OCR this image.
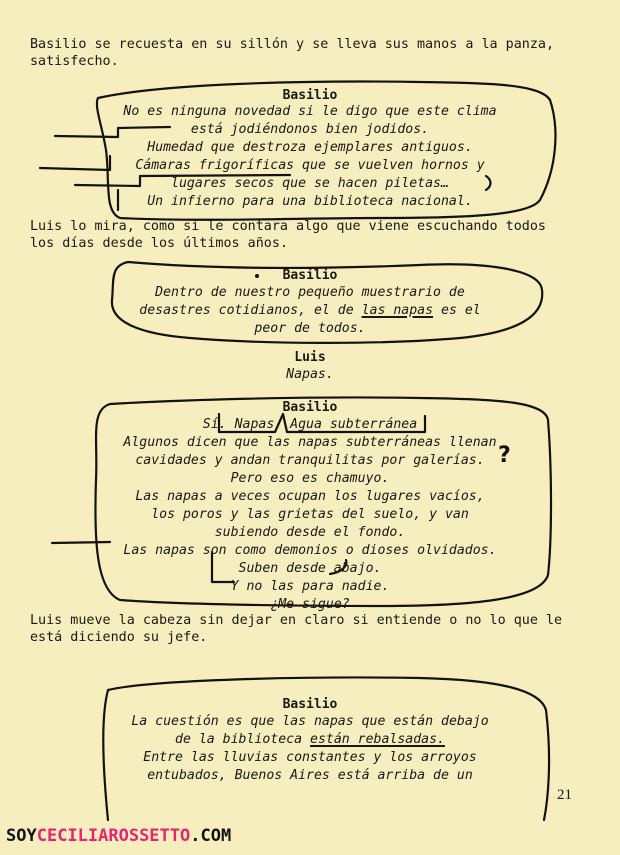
?

Basilio se recuesta en su sillón y se lleva sus manos a la panza, satisfecho.

Basilio

No es ninguna novedad si le digo que este clima
está jodiéndonos bien jodidos.
Humedad que destroza ejemplares antiguos.
Cámaras frigoríficas que se vuelven hornos y
lugares secos que se hacen piletas…
Un infierno para una biblioteca nacional.

Luis lo mira, como si le contara algo que viene escuchando todos los días desde los últimos años.

Basilio

Dentro de nuestro pequeño muestrario de
desastres cotidianos, el de las napas es el
peor de todos.

Luis

Napas.

Basilio

Sí. Napas. Agua subterránea
Algunos dicen que las napas subterráneas llenan
cavidades y andan tranquilitas por galerías.
Pero eso es chamuyo.
Las napas a veces ocupan los lugares vacíos,
los poros y las grietas del suelo, y van
subiendo desde el fondo.
Las napas son como demonios o dioses olvidados.
Suben desde abajo.
Y no las para nadie.
¿Me sigue?

Luis mueve la cabeza sin dejar en claro si entiende o no lo que le está diciendo su jefe.

Basilio

La cuestión es que las napas que están debajo
de la biblioteca están rebalsadas.
Entre las lluvias constantes y los arroyos
entubados, Buenos Aires está arriba de un
21
SOYCECILIAROSSETTO.COM
